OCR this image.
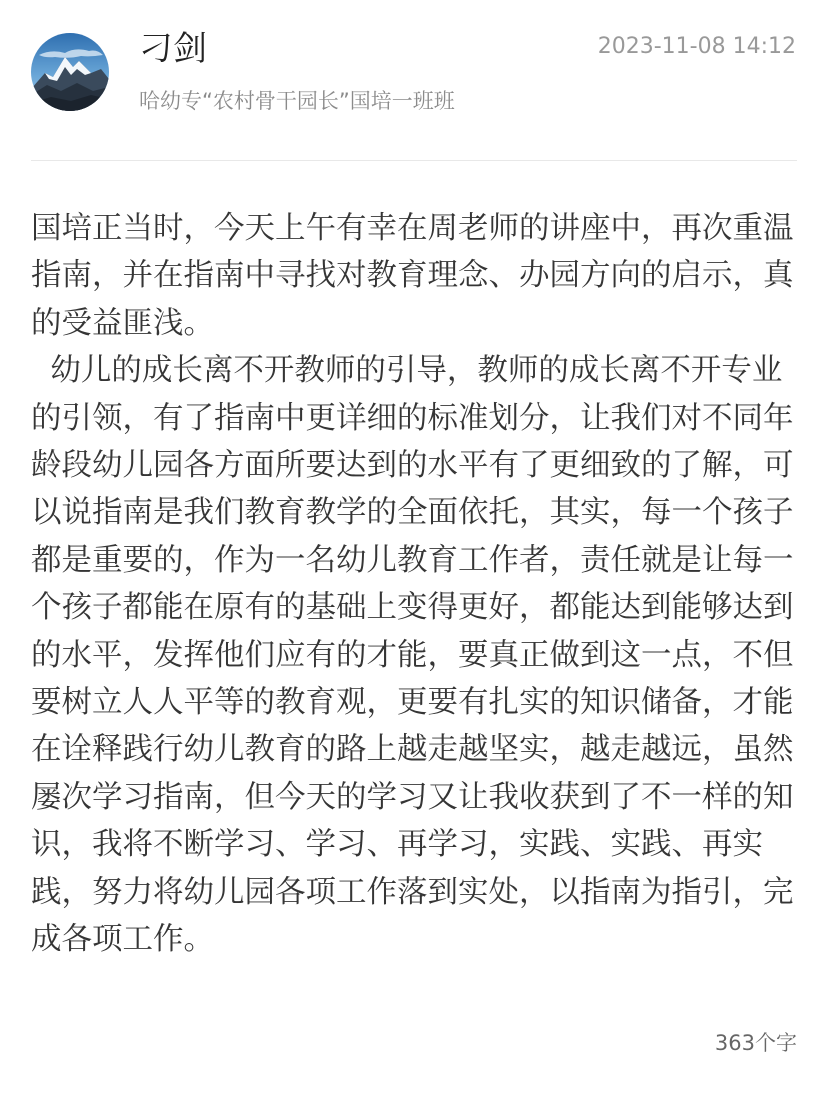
刁剑
哈幼专“农村骨干园长”国培一班班
2023-11-08 14:12

国培正当时，今天上午有幸在周老师的讲座中，再次重温指南，并在指南中寻找对教育理念、办园方向的启示，真的受益匪浅。

幼儿的成长离不开教师的引导，教师的成长离不开专业的引领，有了指南中更详细的标准划分，让我们对不同年龄段幼儿园各方面所要达到的水平有了更细致的了解，可以说指南是我们教育教学的全面依托，其实，每一个孩子都是重要的，作为一名幼儿教育工作者，责任就是让每一个孩子都能在原有的基础上变得更好，都能达到能够达到的水平，发挥他们应有的才能，要真正做到这一点，不但要树立人人平等的教育观，更要有扎实的知识储备，才能在诠释践行幼儿教育的路上越走越坚实，越走越远，虽然屡次学习指南，但今天的学习又让我收获到了不一样的知识，我将不断学习、学习、再学习，实践、实践、再实践，努力将幼儿园各项工作落到实处，以指南为指引，完成各项工作。

363个字
